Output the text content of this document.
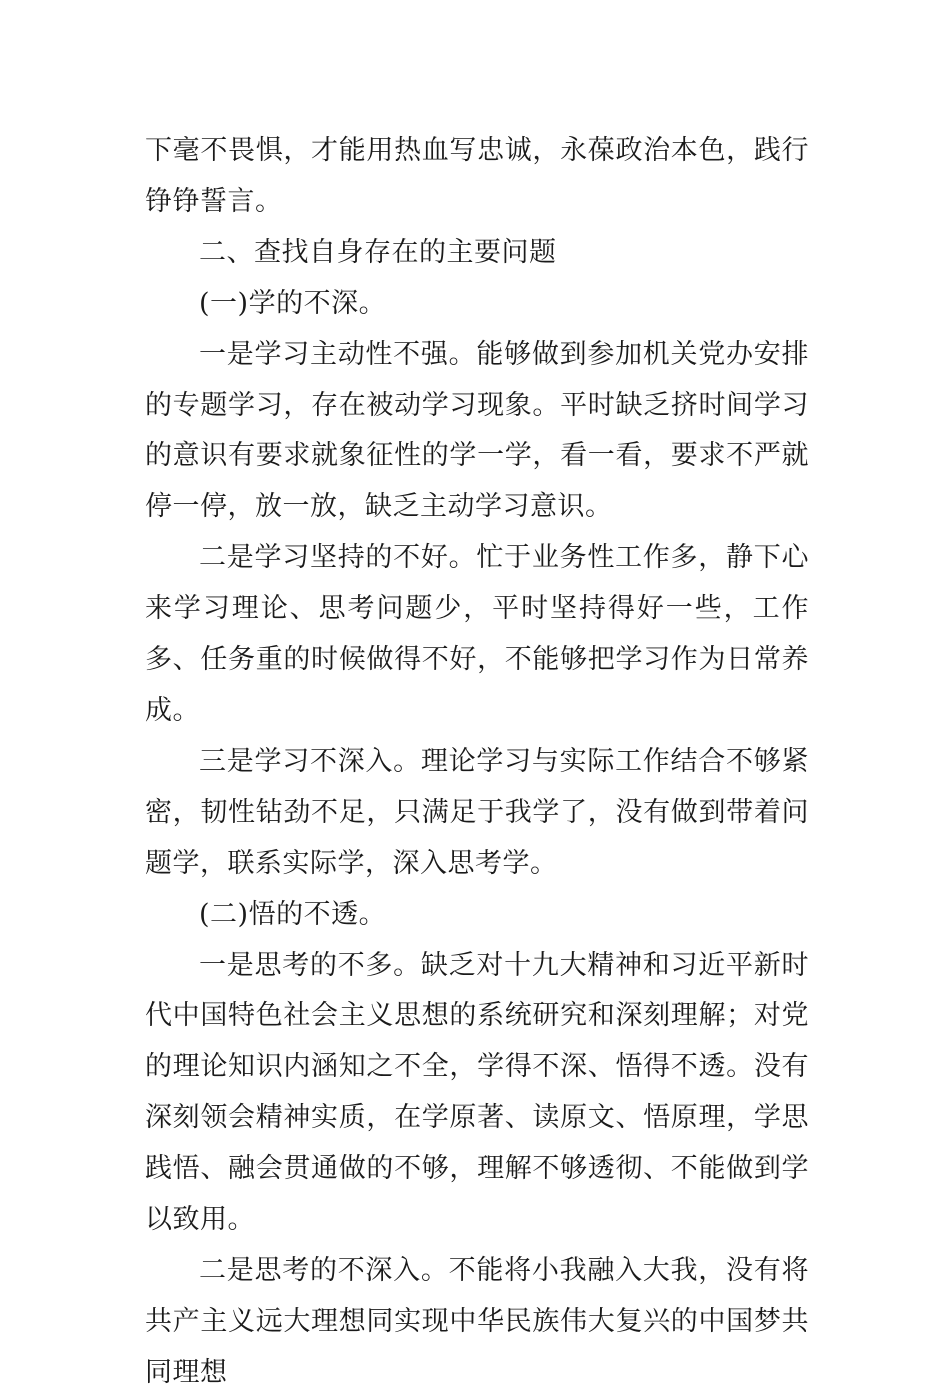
下毫不畏惧，才能用热血写忠诚，永葆政治本色，践行铮铮誓言。

二、查找自身存在的主要问题

(一)学的不深。

一是学习主动性不强。能够做到参加机关党办安排的专题学习，存在被动学习现象。平时缺乏挤时间学习的意识有要求就象征性的学一学，看一看，要求不严就停一停，放一放，缺乏主动学习意识。

二是学习坚持的不好。忙于业务性工作多，静下心来学习理论、思考问题少，平时坚持得好一些，工作多、任务重的时候做得不好，不能够把学习作为日常养成。

三是学习不深入。理论学习与实际工作结合不够紧密，韧性钻劲不足，只满足于我学了，没有做到带着问题学，联系实际学，深入思考学。

(二)悟的不透。

一是思考的不多。缺乏对十九大精神和习近平新时代中国特色社会主义思想的系统研究和深刻理解；对党的理论知识内涵知之不全，学得不深、悟得不透。没有深刻领会精神实质，在学原著、读原文、悟原理，学思践悟、融会贯通做的不够，理解不够透彻、不能做到学以致用。

二是思考的不深入。不能将小我融入大我，没有将共产主义远大理想同实现中华民族伟大复兴的中国梦共同理想
